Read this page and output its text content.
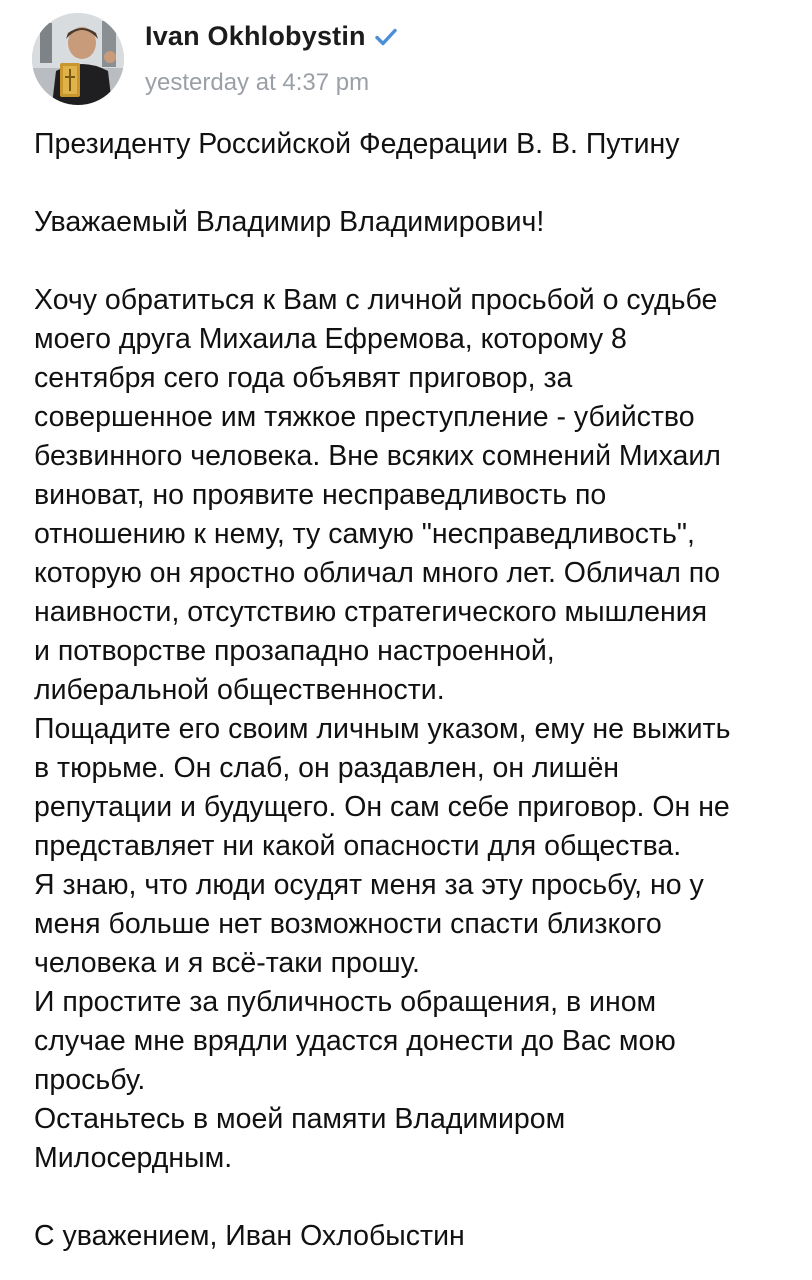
Ivan Okhlobystin
yesterday at 4:37 pm
Президенту Российской Федерации В. В. Путину
Уважаемый Владимир Владимирович!
Хочу обратиться к Вам с личной просьбой о судьбе
моего друга Михаила Ефремова, которому 8
сентября сего года объявят приговор, за
совершенное им тяжкое преступление - убийство
безвинного человека. Вне всяких сомнений Михаил
виноват, но проявите несправедливость по
отношению к нему, ту самую "несправедливость",
которую он яростно обличал много лет. Обличал по
наивности, отсутствию стратегического мышления
и потворстве прозападно настроенной,
либеральной общественности.
Пощадите его своим личным указом, ему не выжить
в тюрьме. Он слаб, он раздавлен, он лишён
репутации и будущего. Он сам себе приговор. Он не
представляет ни какой опасности для общества.
Я знаю, что люди осудят меня за эту просьбу, но у
меня больше нет возможности спасти близкого
человека и я всё-таки прошу.
И простите за публичность обращения, в ином
случае мне врядли удастся донести до Вас мою
просьбу.
Останьтесь в моей памяти Владимиром
Милосердным.
С уважением, Иван Охлобыстин
